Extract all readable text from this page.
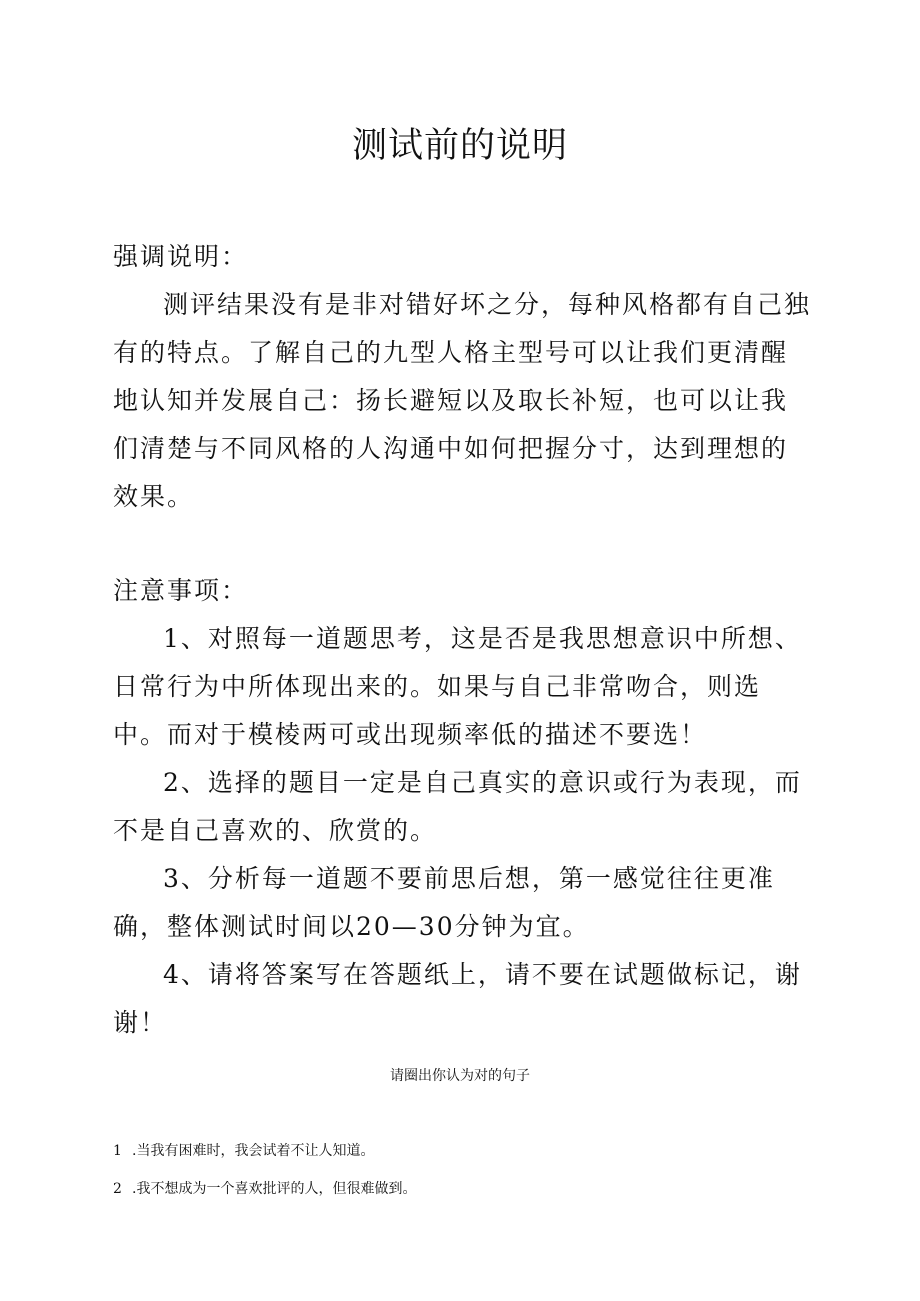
测试前的说明

强调说明：

测评结果没有是非对错好坏之分，每种风格都有自己独有的特点。了解自己的九型人格主型号可以让我们更清醒地认知并发展自己：扬长避短以及取长补短，也可以让我们清楚与不同风格的人沟通中如何把握分寸，达到理想的效果。

注意事项：

1、对照每一道题思考，这是否是我思想意识中所想、日常行为中所体现出来的。如果与自己非常吻合，则选中。而对于模棱两可或出现频率低的描述不要选！

2、选择的题目一定是自己真实的意识或行为表现，而不是自己喜欢的、欣赏的。

3、分析每一道题不要前思后想，第一感觉往往更准确，整体测试时间以20—30分钟为宜。

4、请将答案写在答题纸上，请不要在试题做标记，谢谢！

请圈出你认为对的句子
1 .当我有困难时，我会试着不让人知道。
2 .我不想成为一个喜欢批评的人，但很难做到。
